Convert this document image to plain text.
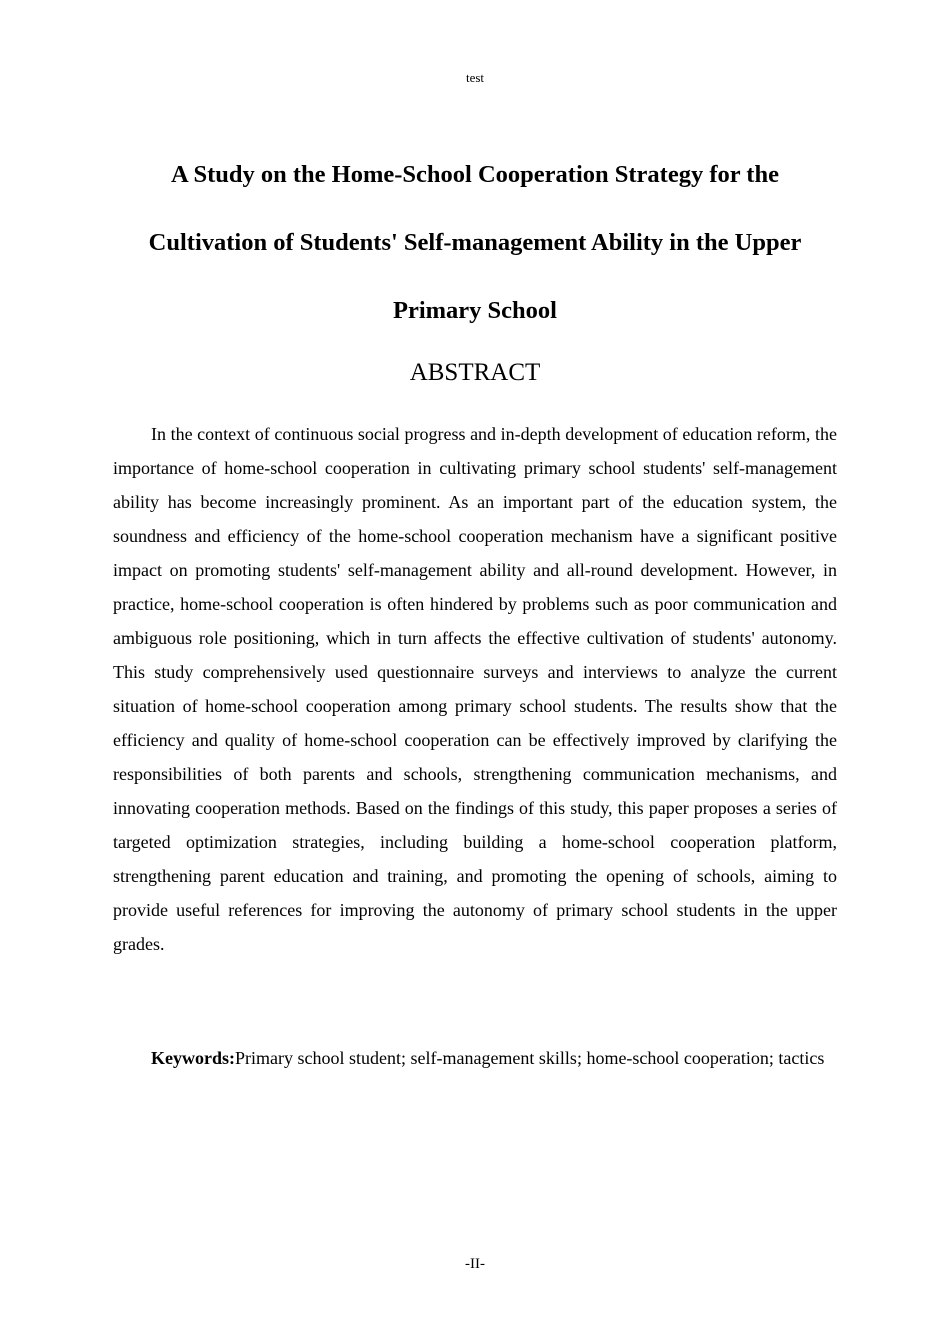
test
A Study on the Home-School Cooperation Strategy for the
Cultivation of Students' Self-management Ability in the Upper
Primary School
ABSTRACT

In the context of continuous social progress and in-depth development of education reform, the importance of home-school cooperation in cultivating primary school students' self-management ability has become increasingly prominent. As an important part of the education system, the soundness and efficiency of the home-school cooperation mechanism have a significant positive impact on promoting students' self-management ability and all-round development. However, in practice, home-school cooperation is often hindered by problems such as poor communication and ambiguous role positioning, which in turn affects the effective cultivation of students' autonomy. This study comprehensively used questionnaire surveys and interviews to analyze the current situation of home-school cooperation among primary school students. The results show that the efficiency and quality of home-school cooperation can be effectively improved by clarifying the responsibilities of both parents and schools, strengthening communication mechanisms, and innovating cooperation methods. Based on the findings of this study, this paper proposes a series of targeted optimization strategies, including building a home-school cooperation platform, strengthening parent education and training, and promoting the opening of schools, aiming to provide useful references for improving the autonomy of primary school students in the upper grades.

Keywords:Primary school student; self-management skills; home-school cooperation; tactics

-II-
